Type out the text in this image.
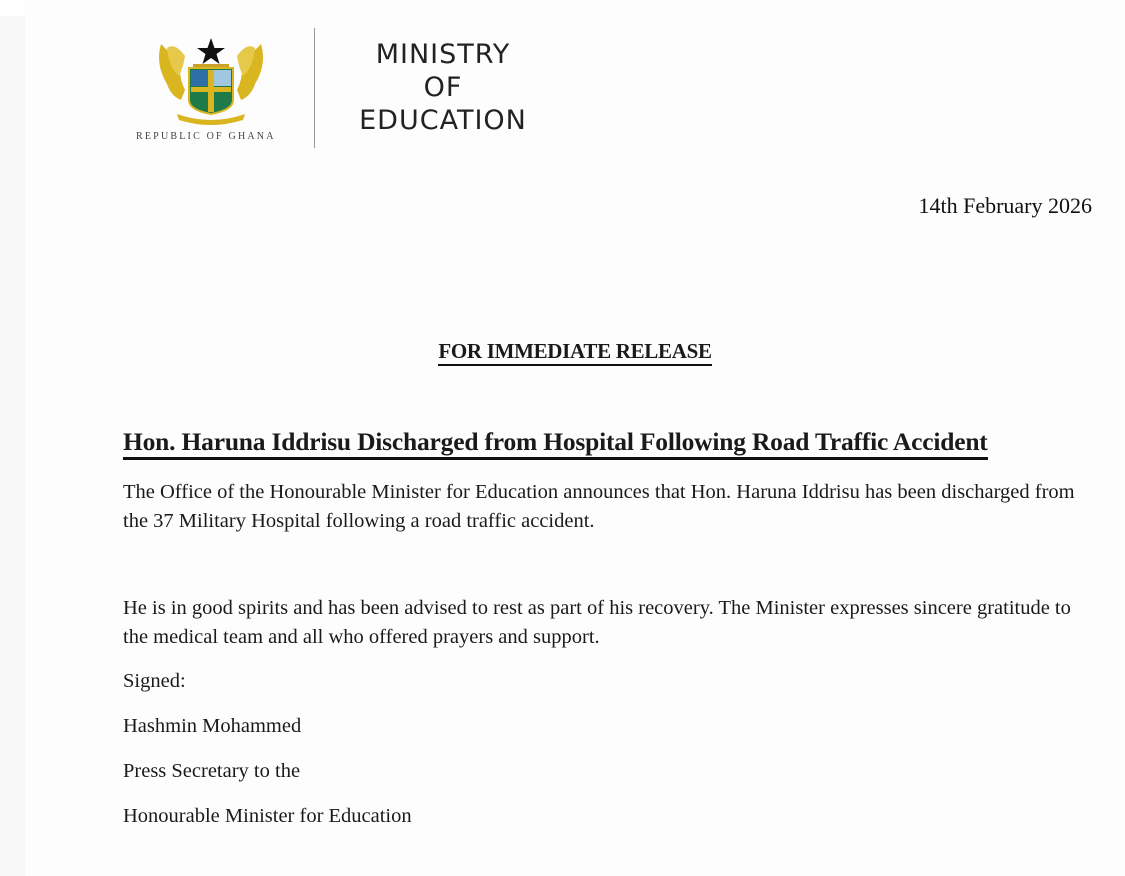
REPUBLIC OF GHANA
MINISTRY
OF
EDUCATION
14th February 2026
FOR IMMEDIATE RELEASE
Hon. Haruna Iddrisu Discharged from Hospital Following Road Traffic Accident
The Office of the Honourable Minister for Education announces that Hon. Haruna Iddrisu has been discharged from the 37 Military Hospital following a road traffic accident.
He is in good spirits and has been advised to rest as part of his recovery. The Minister expresses sincere gratitude to the medical team and all who offered prayers and support.
Signed:
Hashmin Mohammed
Press Secretary to the
Honourable Minister for Education
